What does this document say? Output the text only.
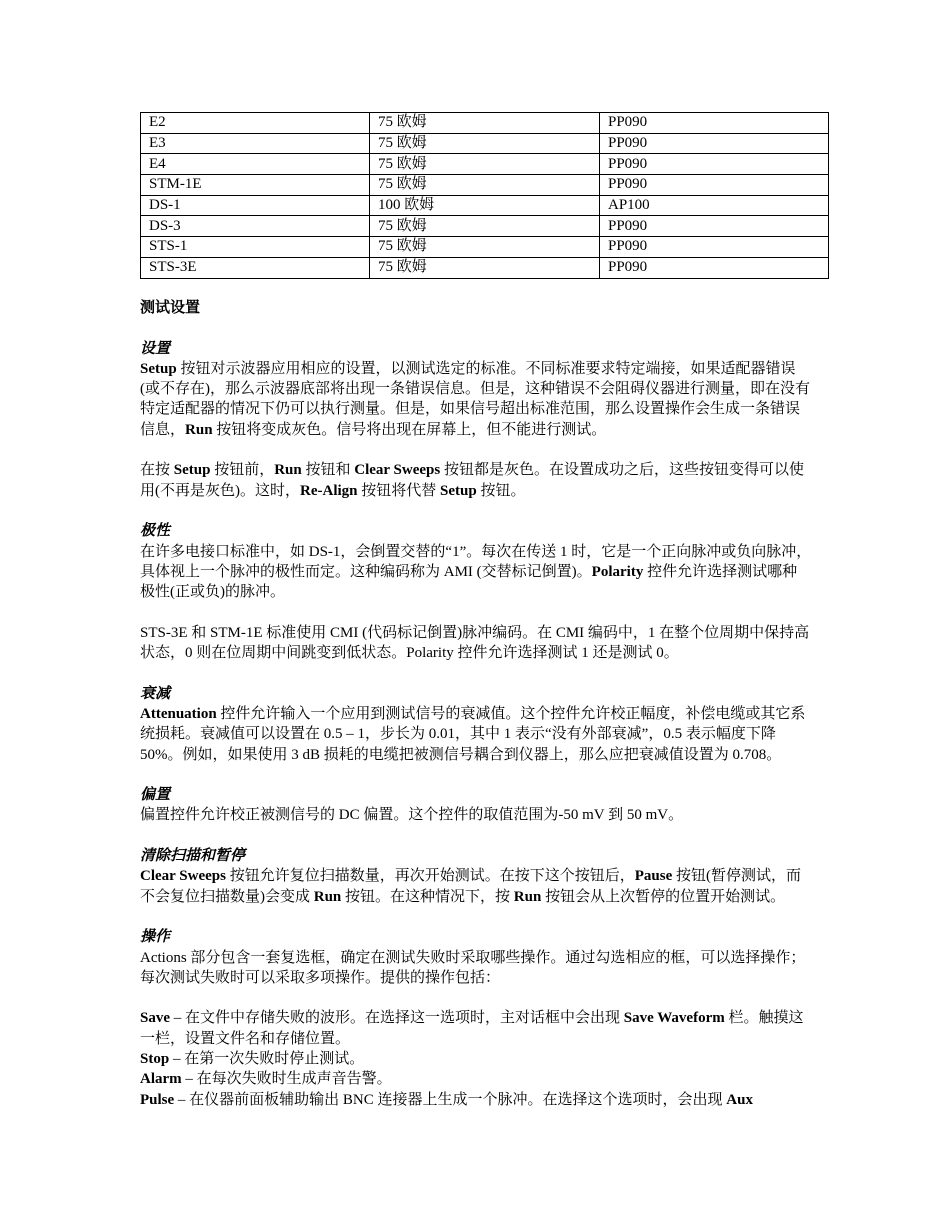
E2	75 欧姆	PP090
E3	75 欧姆	PP090
E4	75 欧姆	PP090
STM-1E	75 欧姆	PP090
DS-1	100 欧姆	AP100
DS-3	75 欧姆	PP090
STS-1	75 欧姆	PP090
STS-3E	75 欧姆	PP090

测试设置

设置

Setup 按钮对示波器应用相应的设置，以测试选定的标准。不同标准要求特定端接，如果适配器错误(或不存在)，那么示波器底部将出现一条错误信息。但是，这种错误不会阻碍仪器进行测量，即在没有特定适配器的情况下仍可以执行测量。但是，如果信号超出标准范围，那么设置操作会生成一条错误信息，Run 按钮将变成灰色。信号将出现在屏幕上，但不能进行测试。

在按 Setup 按钮前，Run 按钮和 Clear Sweeps 按钮都是灰色。在设置成功之后，这些按钮变得可以使用(不再是灰色)。这时，Re-Align 按钮将代替 Setup 按钮。

极性

在许多电接口标准中，如 DS-1，会倒置交替的“1”。每次在传送 1 时，它是一个正向脉冲或负向脉冲，具体视上一个脉冲的极性而定。这种编码称为 AMI (交替标记倒置)。Polarity 控件允许选择测试哪种极性(正或负)的脉冲。

STS-3E 和 STM-1E 标准使用 CMI (代码标记倒置)脉冲编码。在 CMI 编码中，1 在整个位周期中保持高状态，0 则在位周期中间跳变到低状态。Polarity 控件允许选择测试 1 还是测试 0。

衰减

Attenuation 控件允许输入一个应用到测试信号的衰减值。这个控件允许校正幅度，补偿电缆或其它系统损耗。衰减值可以设置在 0.5 – 1，步长为 0.01，其中 1 表示“没有外部衰减”，0.5 表示幅度下降 50%。例如，如果使用 3 dB 损耗的电缆把被测信号耦合到仪器上，那么应把衰减值设置为 0.708。

偏置

偏置控件允许校正被测信号的 DC 偏置。这个控件的取值范围为-50 mV 到 50 mV。

清除扫描和暂停

Clear Sweeps 按钮允许复位扫描数量，再次开始测试。在按下这个按钮后，Pause 按钮(暂停测试，而不会复位扫描数量)会变成 Run 按钮。在这种情况下，按 Run 按钮会从上次暂停的位置开始测试。

操作

Actions 部分包含一套复选框，确定在测试失败时采取哪些操作。通过勾选相应的框，可以选择操作；每次测试失败时可以采取多项操作。提供的操作包括：

Save – 在文件中存储失败的波形。在选择这一选项时，主对话框中会出现 Save Waveform 栏。触摸这一栏，设置文件名和存储位置。

Stop – 在第一次失败时停止测试。

Alarm – 在每次失败时生成声音告警。

Pulse – 在仪器前面板辅助输出 BNC 连接器上生成一个脉冲。在选择这个选项时，会出现 Aux
